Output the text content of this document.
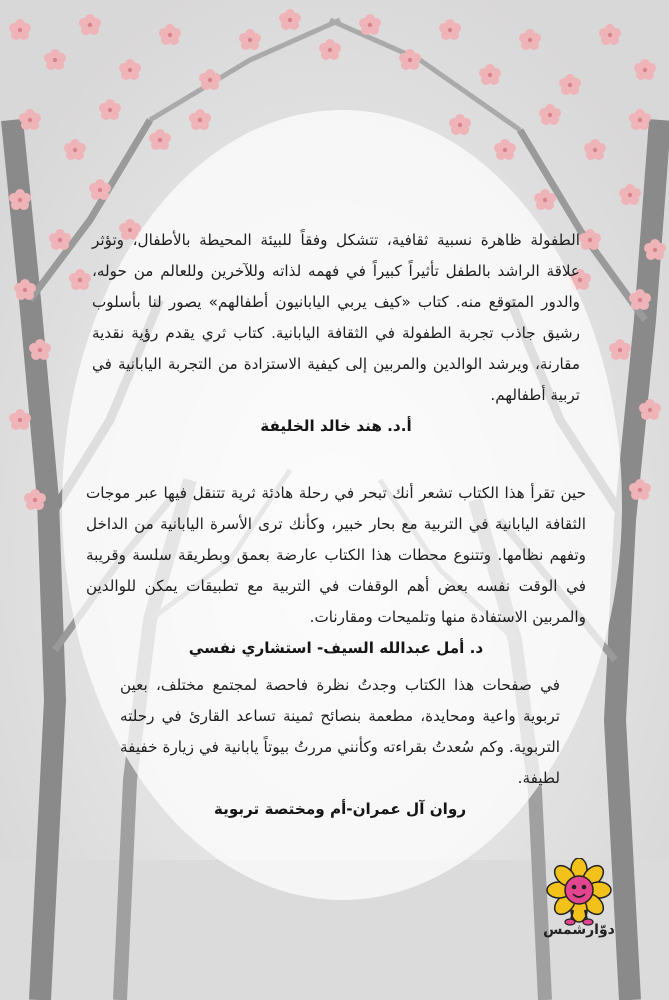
الطفولة ظاهرة نسبية ثقافية، تتشكل وفقاً للبيئة المحيطة بالأطفال، وتؤثر علاقة الراشد بالطفل تأثيراً كبيراً في فهمه لذاته وللآخرين وللعالم من حوله، والدور المتوقع منه. كتاب «كيف يربي اليابانيون أطفالهم» يصور لنا بأسلوب رشيق جاذب تجربة الطفولة في الثقافة اليابانية. كتاب ثري يقدم رؤية نقدية مقارنة، ويرشد الوالدين والمربين إلى كيفية الاستزادة من التجربة اليابانية في تربية أطفالهم.

أ.د. هند خالد الخليفة

حين تقرأ هذا الكتاب تشعر أنك تبحر في رحلة هادئة ثرية تتنقل فيها عبر موجات الثقافة اليابانية في التربية مع بحار خبير، وكأنك ترى الأسرة اليابانية من الداخل وتفهم نظامها. وتتنوع محطات هذا الكتاب عارضة بعمق وبطريقة سلسة وقريبة في الوقت نفسه بعض أهم الوقفات في التربية مع تطبيقات يمكن للوالدين والمربين الاستفادة منها وتلميحات ومقارنات.

د. أمل عبدالله السيف- استشاري نفسي

في صفحات هذا الكتاب وجدتُ نظرة فاحصة لمجتمع مختلف، بعين تربوية واعية ومحايدة، مطعمة بنصائح ثمينة تساعد القارئ في رحلته التربوية. وكم سُعدتُ بقراءته وكأنني مررتُ بيوتاً يابانية في زيارة خفيفة لطيفة.

روان آل عمران-أم ومختصة تربوية

دوّارشمس
